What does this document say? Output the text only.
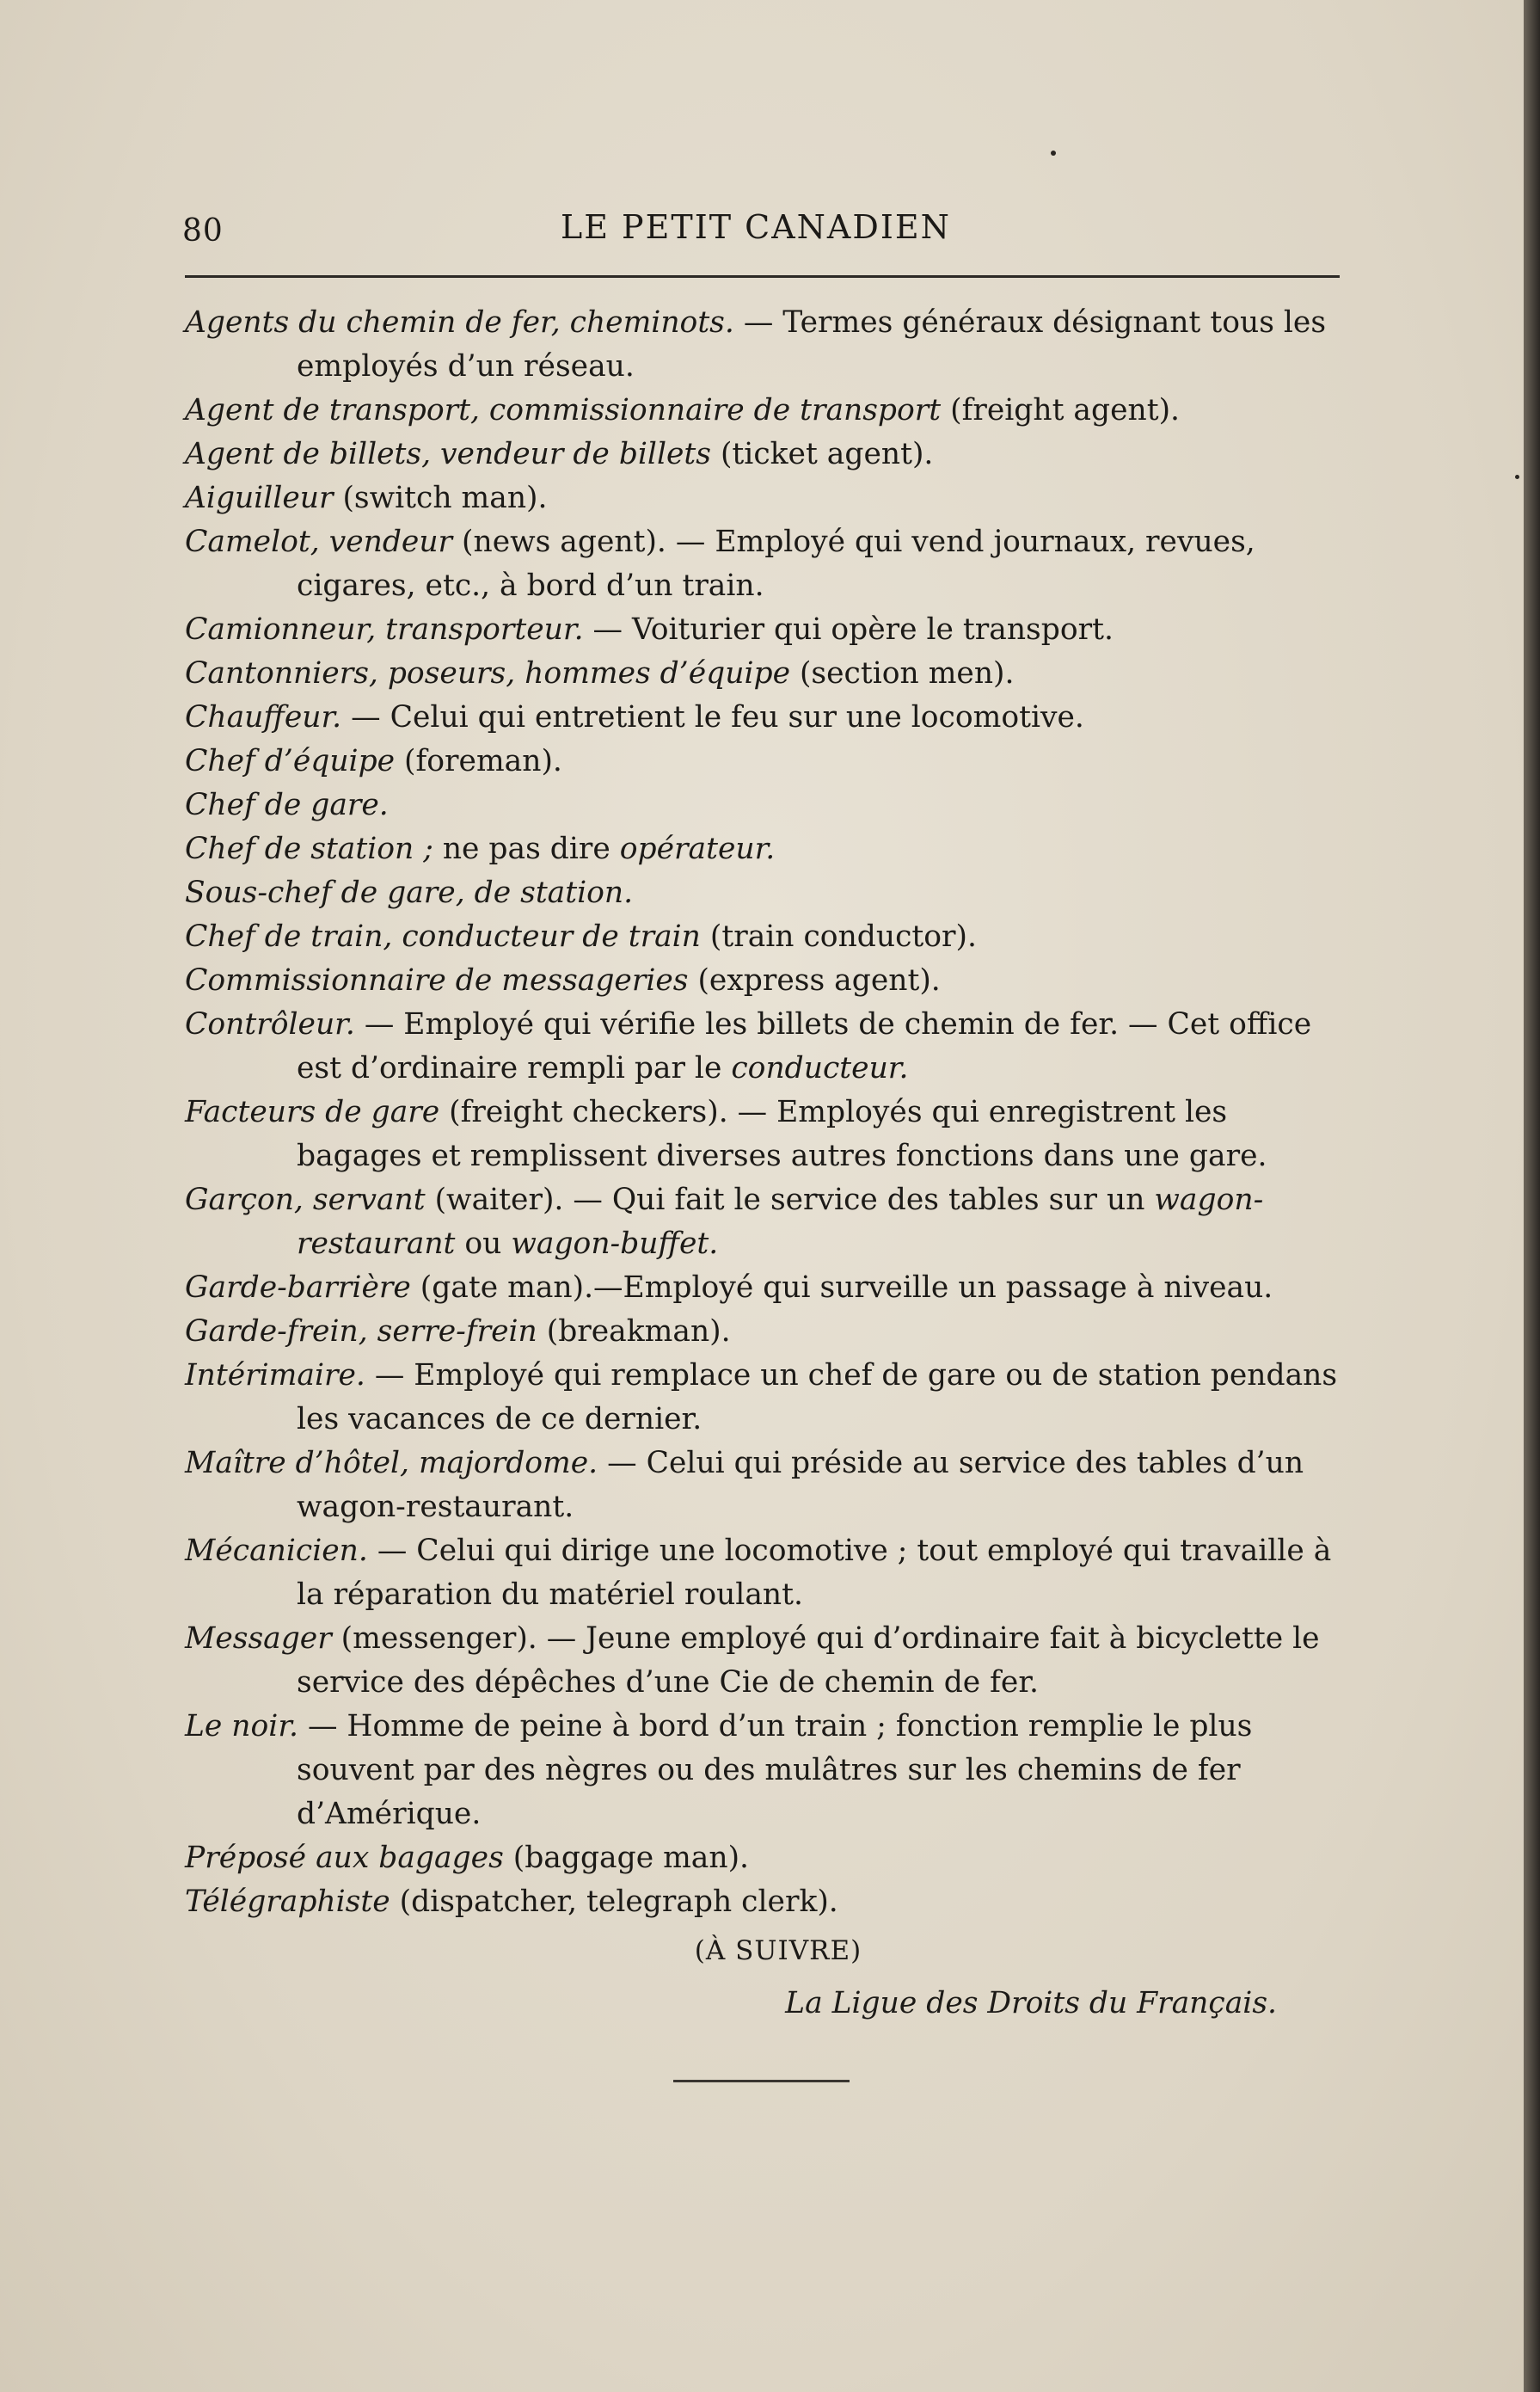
80	LE PETIT CANADIEN

Agents du chemin de fer, cheminots. — Termes généraux désignant tous les employés d’un réseau.

Agent de transport, commissionnaire de transport (freight agent).

Agent de billets, vendeur de billets (ticket agent).

Aiguilleur (switch man).

Camelot, vendeur (news agent). — Employé qui vend journaux, revues, cigares, etc., à bord d’un train.

Camionneur, transporteur. — Voiturier qui opère le transport.

Cantonniers, poseurs, hommes d’équipe (section men).

Chauffeur. — Celui qui entretient le feu sur une locomotive.

Chef d’équipe (foreman).

Chef de gare.

Chef de station ; ne pas dire opérateur.

Sous-chef de gare, de station.

Chef de train, conducteur de train (train conductor).

Commissionnaire de messageries (express agent).

Contrôleur. — Employé qui vérifie les billets de chemin de fer. — Cet office est d’ordinaire rempli par le conducteur.

Facteurs de gare (freight checkers). — Employés qui enregistrent les bagages et remplissent diverses autres fonctions dans une gare.

Garçon, servant (waiter). — Qui fait le service des tables sur un wagon-restaurant ou wagon-buffet.

Garde-barrière (gate man).—Employé qui surveille un passage à niveau.

Garde-frein, serre-frein (breakman).

Intérimaire. — Employé qui remplace un chef de gare ou de station pendans les vacances de ce dernier.

Maître d’hôtel, majordome. — Celui qui préside au service des tables d’un wagon-restaurant.

Mécanicien. — Celui qui dirige une locomotive ; tout employé qui travaille à la réparation du matériel roulant.

Messager (messenger). — Jeune employé qui d’ordinaire fait à bicyclette le service des dépêches d’une Cie de chemin de fer.

Le noir. — Homme de peine à bord d’un train ; fonction remplie le plus souvent par des nègres ou des mulâtres sur les chemins de fer d’Amérique.

Préposé aux bagages (baggage man).

Télégraphiste (dispatcher, telegraph clerk).

(À SUIVRE)
La Ligue des Droits du Français.
